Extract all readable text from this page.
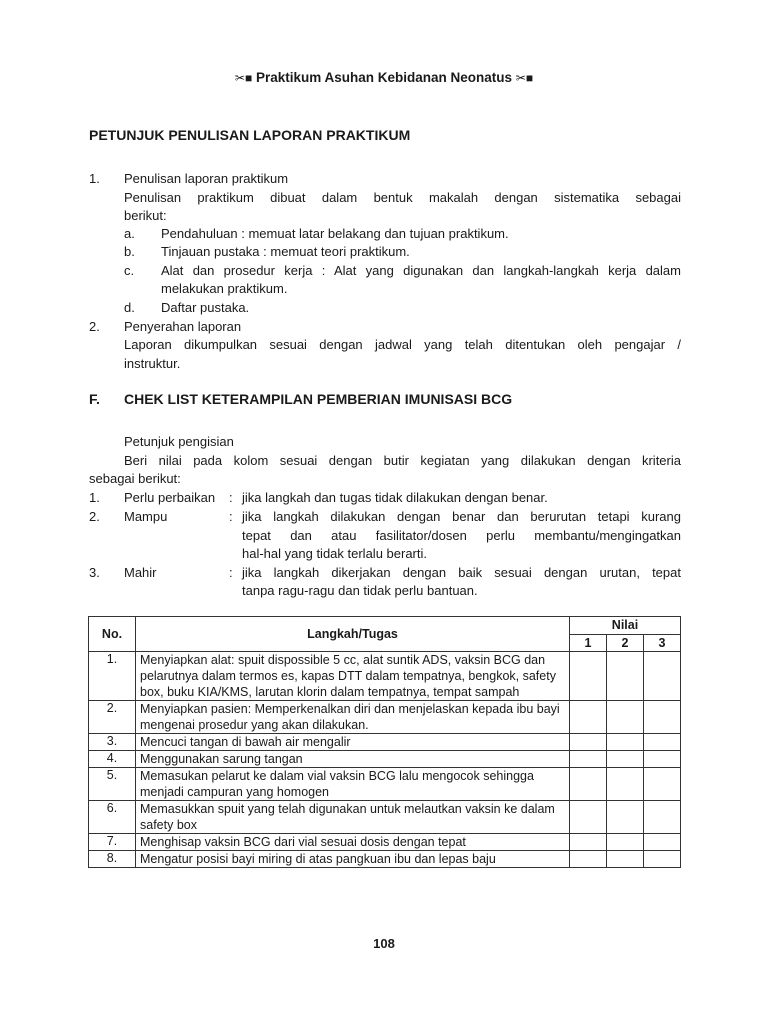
✂■ Praktikum Asuhan Kebidanan Neonatus ✂■
PETUNJUK PENULISAN LAPORAN PRAKTIKUM
1. Penulisan laporan praktikum
Penulisan praktikum dibuat dalam bentuk makalah dengan sistematika sebagai
berikut:
a. Pendahuluan : memuat latar belakang dan tujuan praktikum.
b. Tinjauan pustaka : memuat teori praktikum.
c. Alat dan prosedur kerja : Alat yang digunakan dan langkah-langkah kerja dalam
melakukan praktikum.
d. Daftar pustaka.
2. Penyerahan laporan
Laporan dikumpulkan sesuai dengan jadwal yang telah ditentukan oleh pengajar /
instruktur.
F. CHEK LIST KETERAMPILAN PEMBERIAN IMUNISASI BCG
Petunjuk pengisian
Beri nilai pada kolom sesuai dengan butir kegiatan yang dilakukan dengan kriteria
sebagai berikut:
1. Perlu perbaikan : jika langkah dan tugas tidak dilakukan dengan benar.
2. Mampu	: jika langkah dilakukan dengan benar dan berurutan tetapi kurang
tepat dan atau fasilitator/dosen perlu membantu/mengingatkan
hal-hal yang tidak terlalu berarti.
3. Mahir	: jika langkah dikerjakan dengan baik sesuai dengan urutan, tepat
tanpa ragu-ragu dan tidak perlu bantuan.
No.	Langkah/Tugas	Nilai		
		1	2	3
1.	Menyiapkan alat: spuit dispossible 5 cc, alat suntik ADS, vaksin BCG dan pelarutnya dalam termos es, kapas DTT dalam tempatnya, bengkok, safety box, buku KIA/KMS, larutan klorin dalam tempatnya, tempat sampah			
2.	Menyiapkan pasien: Memperkenalkan diri dan menjelaskan kepada ibu bayi mengenai prosedur yang akan dilakukan.			
3.	Mencuci tangan di bawah air mengalir			
4.	Menggunakan sarung tangan			
5.	Memasukan pelarut ke dalam vial vaksin BCG lalu mengocok sehingga menjadi campuran yang homogen			
6.	Memasukkan spuit yang telah digunakan untuk melautkan vaksin ke dalam safety box			
7.	Menghisap vaksin BCG dari vial sesuai dosis dengan tepat			
8.	Mengatur posisi bayi miring di atas pangkuan ibu dan lepas baju			
108
